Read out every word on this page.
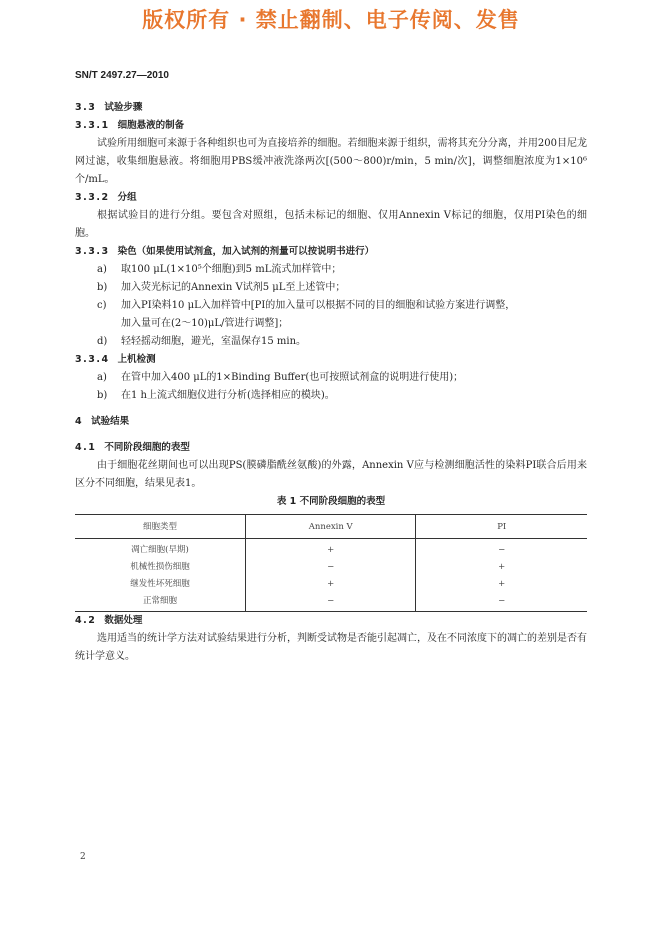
版权所有 · 禁止翻制、电子传阅、发售
SN/T 2497.27—2010
3.3 试验步骤
3.3.1 细胞悬液的制备
试验所用细胞可来源于各种组织也可为直接培养的细胞。若细胞来源于组织，需将其充分分离，并用200目尼龙网过滤，收集细胞悬液。将细胞用PBS缓冲液洗涤两次[(500～800)r/min，5 min/次]，调整细胞浓度为1×10⁶个/mL。
3.3.2 分组
根据试验目的进行分组。要包含对照组，包括未标记的细胞、仅用Annexin V标记的细胞，仅用PI染色的细胞。
3.3.3 染色（如果使用试剂盒，加入试剂的剂量可以按说明书进行）
a) 取100 μL(1×10⁵个细胞)到5 mL流式加样管中；
b) 加入荧光标记的Annexin V试剂5 μL至上述管中；
c) 加入PI染料10 μL入加样管中[PI的加入量可以根据不同的目的细胞和试验方案进行调整，
加入量可在(2～10)μL/管进行调整]；
d) 轻轻摇动细胞，避光，室温保存15 min。
3.3.4 上机检测
a) 在管中加入400 μL的1×Binding Buffer(也可按照试剂盒的说明进行使用)；
b) 在1 h上流式细胞仪进行分析(选择相应的模块)。
4 试验结果
4.1 不同阶段细胞的表型
由于细胞花丝期间也可以出现PS(膜磷脂酰丝氨酸)的外露，Annexin V应与检测细胞活性的染料PI联合后用来区分不同细胞，结果见表1。
表 1 不同阶段细胞的表型
细胞类型	Annexin V	PI
凋亡细胞(早期)	+	−
机械性损伤细胞	−	+
继发性坏死细胞	+	+
正常细胞	−	−
4.2 数据处理
选用适当的统计学方法对试验结果进行分析，判断受试物是否能引起凋亡，及在不同浓度下的凋亡的差别是否有统计学意义。
2
